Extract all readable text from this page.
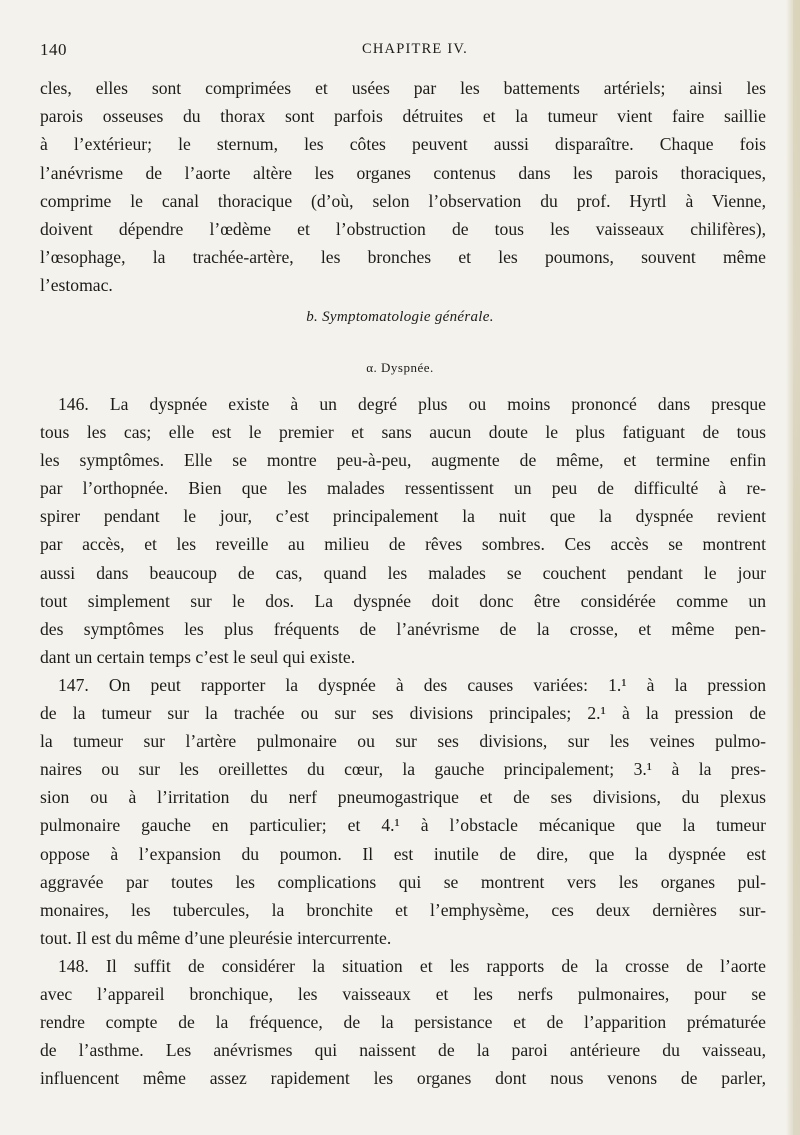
140	CHAPITRE IV.
cles, elles sont comprimées et usées par les battements artériels; ainsi les
parois osseuses du thorax sont parfois détruites et la tumeur vient faire saillie
à l’extérieur; le sternum, les côtes peuvent aussi disparaître. Chaque fois
l’anévrisme de l’aorte altère les organes contenus dans les parois thoraciques,
comprime le canal thoracique (d’où, selon l’observation du prof. Hyrtl à Vienne,
doivent dépendre l’œdème et l’obstruction de tous les vaisseaux chilifères),
l’œsophage, la trachée-artère, les bronches et les poumons, souvent même
l’estomac.
b. Symptomatologie générale.
α. Dyspnée.
146. La dyspnée existe à un degré plus ou moins prononcé dans presque
tous les cas; elle est le premier et sans aucun doute le plus fatiguant de tous
les symptômes. Elle se montre peu-à-peu, augmente de même, et termine enfin
par l’orthopnée. Bien que les malades ressentissent un peu de difficulté à re-
spirer pendant le jour, c’est principalement la nuit que la dyspnée revient
par accès, et les reveille au milieu de rêves sombres. Ces accès se montrent
aussi dans beaucoup de cas, quand les malades se couchent pendant le jour
tout simplement sur le dos. La dyspnée doit donc être considérée comme un
des symptômes les plus fréquents de l’anévrisme de la crosse, et même pen-
dant un certain temps c’est le seul qui existe.
147. On peut rapporter la dyspnée à des causes variées: 1.¹ à la pression
de la tumeur sur la trachée ou sur ses divisions principales; 2.¹ à la pression de
la tumeur sur l’artère pulmonaire ou sur ses divisions, sur les veines pulmo-
naires ou sur les oreillettes du cœur, la gauche principalement; 3.¹ à la pres-
sion ou à l’irritation du nerf pneumogastrique et de ses divisions, du plexus
pulmonaire gauche en particulier; et 4.¹ à l’obstacle mécanique que la tumeur
oppose à l’expansion du poumon. Il est inutile de dire, que la dyspnée est
aggravée par toutes les complications qui se montrent vers les organes pul-
monaires, les tubercules, la bronchite et l’emphysème, ces deux dernières sur-
tout. Il est du même d’une pleurésie intercurrente.
148. Il suffit de considérer la situation et les rapports de la crosse de l’aorte
avec l’appareil bronchique, les vaisseaux et les nerfs pulmonaires, pour se
rendre compte de la fréquence, de la persistance et de l’apparition prématurée
de l’asthme. Les anévrismes qui naissent de la paroi antérieure du vaisseau,
influencent même assez rapidement les organes dont nous venons de parler,
